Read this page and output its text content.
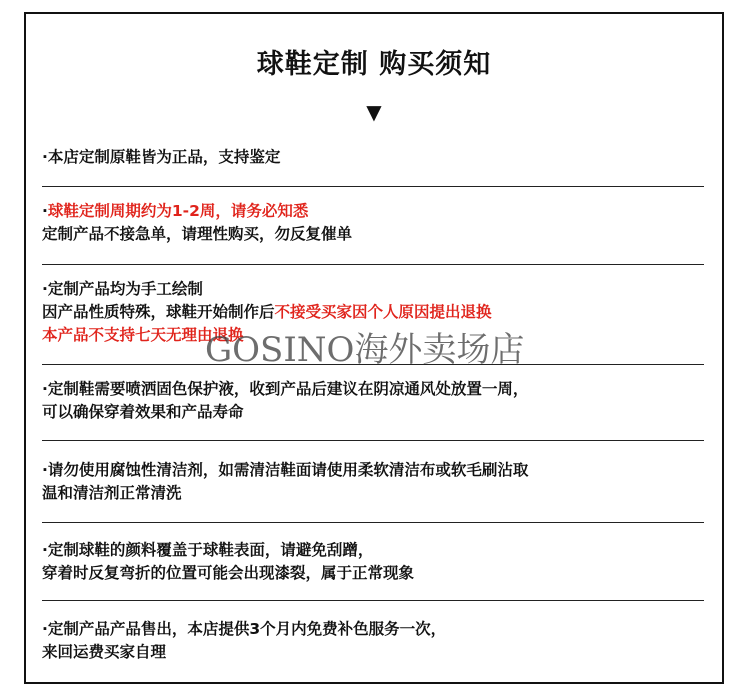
球鞋定制 购买须知
▼
·本店定制原鞋皆为正品，支持鉴定
·球鞋定制周期约为1-2周，请务必知悉
定制产品不接急单，请理性购买，勿反复催单
·定制产品均为手工绘制
因产品性质特殊，球鞋开始制作后不接受买家因个人原因提出退换
本产品不支持七天无理由退换
·定制鞋需要喷洒固色保护液，收到产品后建议在阴凉通风处放置一周，
可以确保穿着效果和产品寿命
·请勿使用腐蚀性清洁剂，如需清洁鞋面请使用柔软清洁布或软毛刷沾取
温和清洁剂正常清洗
·定制球鞋的颜料覆盖于球鞋表面，请避免刮蹭，
穿着时反复弯折的位置可能会出现漆裂，属于正常现象
·定制产品产品售出，本店提供3个月内免费补色服务一次，
来回运费买家自理
GOSINO海外卖场店
